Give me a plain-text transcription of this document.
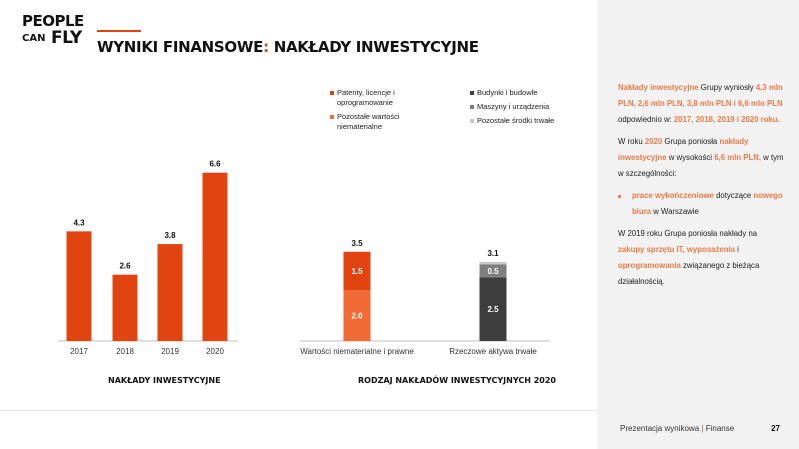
PEOPLE
CAN FLY WYNIKI FINANSOWE: NAKŁADY INWESTYCYJNE
4.3
2017
2.6
2018
3.8
2019
6.6
2020
2.0
1.5
3.5
Wartości niematerialne i prawne
2.5
0.5
3.1
Rzeczowe aktywa trwałe
NAKŁADY INWESTYCYJNE	RODZAJ NAKŁADÓW INWESTYCYJNYCH 2020
Patenty, licencje i oprogramowanie
Pozostałe wartości niematerialne
Budynki i budowle
Maszyny i urządzenia
Pozostałe środki trwałe

Nakłady inwestycyjne Grupy wyniosły 4,3 mln PLN, 2,6 mln PLN, 3,8 mln PLN i 6,6 mln PLN odpowiednio w: 2017, 2018, 2019 i 2020 roku.

W roku 2020 Grupa poniosła nakłady inwestycyjne w wysokości 6,6 mln PLN, w tym w szczególności:

prace wykończeniowe dotyczące nowego biura w Warszawie

W 2019 roku Grupa poniosła nakłady na zakupy sprzętu IT, wyposażenia i oprogramowania związanego z bieżąca działalnością.

Prezentacja wynikowa | Finanse	27
